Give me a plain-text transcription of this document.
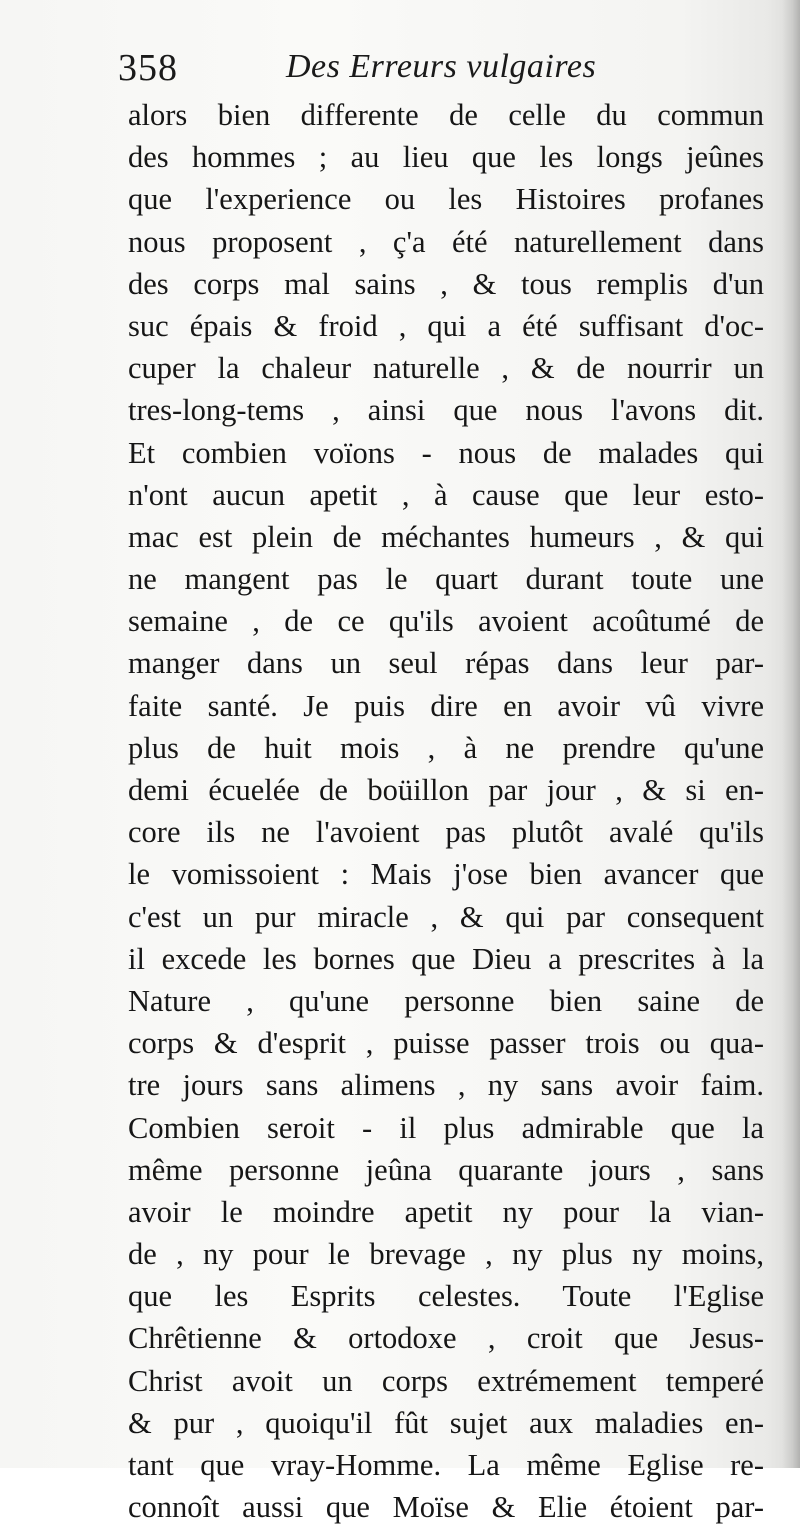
358	Des Erreurs vulgaires
alors bien differente de celle du commun
des hommes ; au lieu que les longs jeûnes
que l'experience ou les Histoires profanes
nous proposent , ç'a été naturellement dans
des corps mal sains , & tous remplis d'un
suc épais & froid , qui a été suffisant d'oc-
cuper la chaleur naturelle , & de nourrir un
tres-long-tems , ainsi que nous l'avons dit.
Et combien voïons - nous de malades qui
n'ont aucun apetit , à cause que leur esto-
mac est plein de méchantes humeurs , & qui
ne mangent pas le quart durant toute une
semaine , de ce qu'ils avoient acoûtumé de
manger dans un seul répas dans leur par-
faite santé. Je puis dire en avoir vû vivre
plus de huit mois , à ne prendre qu'une
demi écuelée de boüillon par jour , & si en-
core ils ne l'avoient pas plutôt avalé qu'ils
le vomissoient : Mais j'ose bien avancer que
c'est un pur miracle , & qui par consequent
il excede les bornes que Dieu a prescrites à la
Nature , qu'une personne bien saine de
corps & d'esprit , puisse passer trois ou qua-
tre jours sans alimens , ny sans avoir faim.
Combien seroit - il plus admirable que la
même personne jeûna quarante jours , sans
avoir le moindre apetit ny pour la vian-
de , ny pour le brevage , ny plus ny moins,
que les Esprits celestes. Toute l'Eglise
Chrêtienne & ortodoxe , croit que Jesus-
Christ avoit un corps extrémement temperé
& pur , quoiqu'il fût sujet aux maladies en-
tant que vray-Homme. La même Eglise re-
connoît aussi que Moïse & Elie étoient par-
